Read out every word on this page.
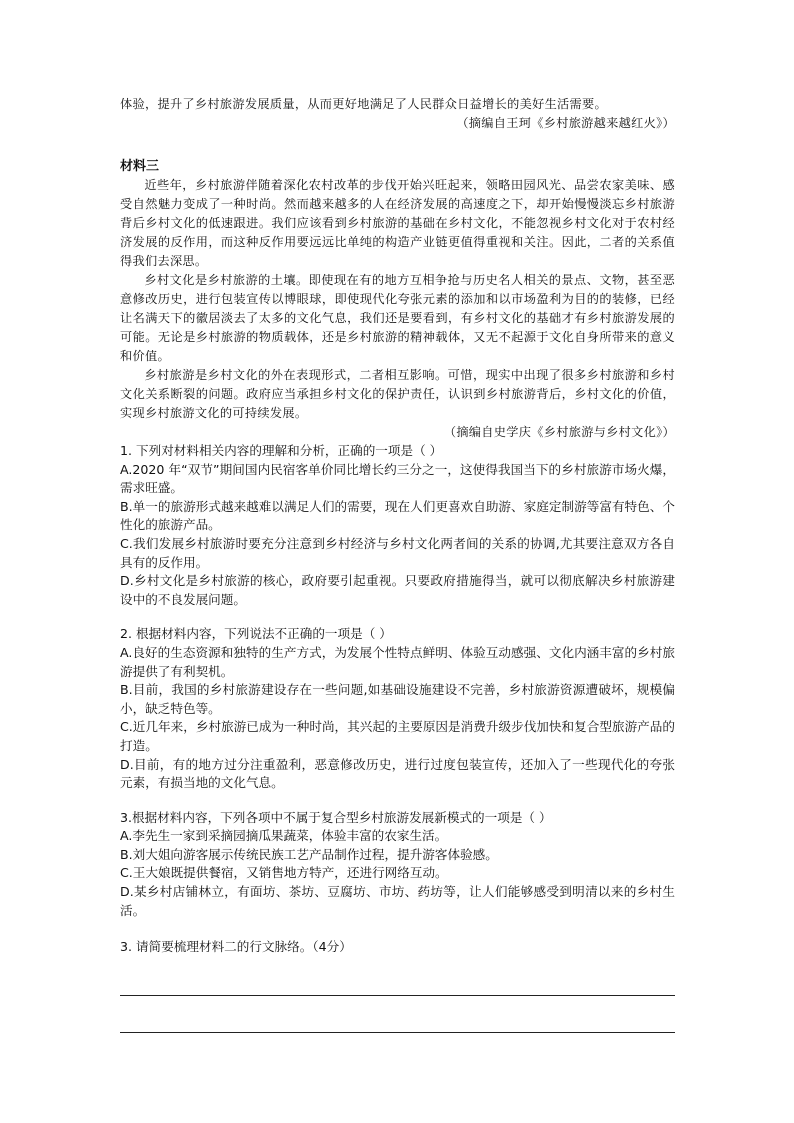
体验，提升了乡村旅游发展质量，从而更好地满足了人民群众日益增长的美好生活需要。

（摘编自王珂《乡村旅游越来越红火》）

材料三

近些年，乡村旅游伴随着深化农村改革的步伐开始兴旺起来，领略田园风光、品尝农家美味、感受自然魅力变成了一种时尚。然而越来越多的人在经济发展的高速度之下，却开始慢慢淡忘乡村旅游背后乡村文化的低速跟进。我们应该看到乡村旅游的基础在乡村文化，不能忽视乡村文化对于农村经济发展的反作用，而这种反作用要远远比单纯的构造产业链更值得重视和关注。因此，二者的关系值得我们去深思。

乡村文化是乡村旅游的土壤。即使现在有的地方互相争抢与历史名人相关的景点、文物，甚至恶意修改历史，进行包装宣传以博眼球，即使现代化夸张元素的添加和以市场盈利为目的的装修，已经让名满天下的徽居淡去了太多的文化气息，我们还是要看到，有乡村文化的基础才有乡村旅游发展的可能。无论是乡村旅游的物质载体，还是乡村旅游的精神载体，又无不起源于文化自身所带来的意义和价值。

乡村旅游是乡村文化的外在表现形式，二者相互影响。可惜，现实中出现了很多乡村旅游和乡村文化关系断裂的问题。政府应当承担乡村文化的保护责任，认识到乡村旅游背后，乡村文化的价值，实现乡村旅游文化的可持续发展。

（摘编自史学庆《乡村旅游与乡村文化》）

1. 下列对材料相关内容的理解和分析，正确的一项是（ ）

A.2020 年“双节”期间国内民宿客单价同比增长约三分之一，这使得我国当下的乡村旅游市场火爆，需求旺盛。

B.单一的旅游形式越来越难以满足人们的需要，现在人们更喜欢自助游、家庭定制游等富有特色、个性化的旅游产品。

C.我们发展乡村旅游时要充分注意到乡村经济与乡村文化两者间的关系的协调,尤其要注意双方各自具有的反作用。

D.乡村文化是乡村旅游的核心，政府要引起重视。只要政府措施得当，就可以彻底解决乡村旅游建设中的不良发展问题。

2. 根据材料内容，下列说法不正确的一项是（ ）

A.良好的生态资源和独特的生产方式，为发展个性特点鲜明、体验互动感强、文化内涵丰富的乡村旅游提供了有利契机。

B.目前，我国的乡村旅游建设存在一些问题,如基础设施建设不完善，乡村旅游资源遭破坏，规模偏小，缺乏特色等。

C.近几年来，乡村旅游已成为一种时尚，其兴起的主要原因是消费升级步伐加快和复合型旅游产品的打造。

D.目前，有的地方过分注重盈利，恶意修改历史，进行过度包装宣传，还加入了一些现代化的夸张元素，有损当地的文化气息。

3.根据材料内容，下列各项中不属于复合型乡村旅游发展新模式的一项是（ ）

A.李先生一家到采摘园摘瓜果蔬菜，体验丰富的农家生活。

B.刘大姐向游客展示传统民族工艺产品制作过程，提升游客体验感。

C.王大娘既提供餐宿，又销售地方特产，还进行网络互动。

D.某乡村店铺林立，有面坊、茶坊、豆腐坊、市坊、药坊等，让人们能够感受到明清以来的乡村生活。

3. 请简要梳理材料二的行文脉络。（4分）
